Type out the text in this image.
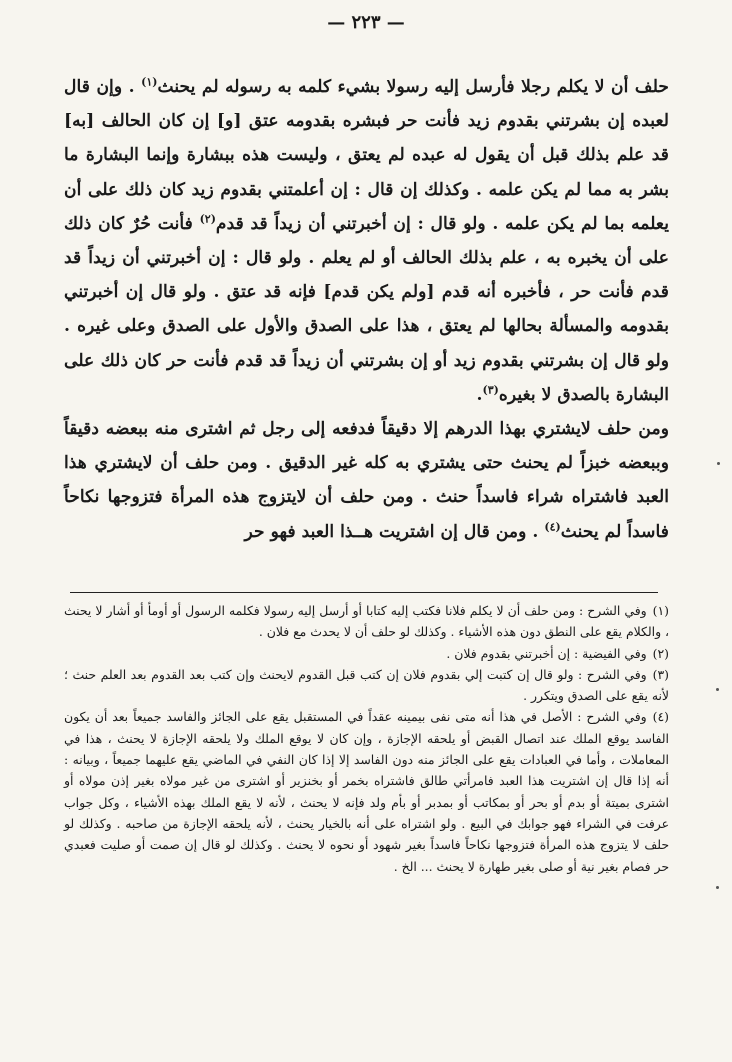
— ٢٢٣ —

حلف أن لا يكلم رجلا فأرسل إليه رسولا بشيء كلمه به رسوله لم يحنث$^{(١)}$ . وإن قال لعبده إن بشرتني بقدوم زيد فأنت حر فبشره بقدومه عتق [و] إن كان الحالف [به] قد علم بذلك قبل أن يقول له عبده لم يعتق ، وليست هذه ببشارة وإنما البشارة ما بشر به مما لم يكن علمه . وكذلك إن قال : إن أعلمتني بقدوم زيد كان ذلك على أن يعلمه بما لم يكن علمه . ولو قال : إن أخبرتني أن زيداً قد قدم$^{(٢)}$ فأنت حُرٌ كان ذلك على أن يخبره به ، علم بذلك الحالف أو لم يعلم . ولو قال : إن أخبرتني أن زيداً قد قدم فأنت حر ، فأخبره أنه قدم [ولم يكن قدم] فإنه قد عتق . ولو قال إن أخبرتني بقدومه والمسألة بحالها لم يعتق ، هذا على الصدق والأول على الصدق وعلى غيره . ولو قال إن بشرتني بقدوم زيد أو إن بشرتني أن زيداً قد قدم فأنت حر كان ذلك على البشارة بالصدق لا بغيره$^{(٣)}$.

ومن حلف لايشتري بهذا الدرهم إلا دقيقاً فدفعه إلى رجل ثم اشترى منه ببعضه دقيقاً وببعضه خبزاً لم يحنث حتى يشتري به كله غير الدقيق . ومن حلف أن لايشتري هذا العبد فاشتراه شراء فاسداً حنث . ومن حلف أن لايتزوج هذه المرأة فتزوجها نكاحاً فاسداً لم يحنث$^{(٤)}$ . ومن قال إن اشتريت هــذا العبد فهو حر

(١)وفي الشرح : ومن حلف أن لا يكلم فلانا فكتب إليه كتابا أو أرسل إليه رسولا فكلمه الرسول أو أومأ أو أشار لا يحنث ، والكلام يقع على النطق دون هذه الأشياء . وكذلك لو حلف أن لا يحدث مع فلان .

(٢)وفي الفيضية : إن أخبرتني بقدوم فلان .

(٣)وفي الشرح : ولو قال إن كتبت إلي بقدوم فلان إن كتب قبل القدوم لايحنث وإن كتب بعد القدوم بعد العلم حنث ؛ لأنه يقع على الصدق ويتكرر .

(٤)وفي الشرح : الأصل في هذا أنه متى نفى بيمينه عقداً في المستقبل يقع على الجائز والفاسد جميعاً بعد أن يكون الفاسد يوقع الملك عند اتصال القبض أو يلحقه الإجازة ، وإن كان لا يوقع الملك ولا يلحقه الإجازة لا يحنث ، هذا في المعاملات ، وأما في العبادات يقع على الجائز منه دون الفاسد إلا إذا كان النفي في الماضي يقع عليهما جميعاً ، وبيانه : أنه إذا قال إن اشتريت هذا العبد فامرأتي طالق فاشتراه بخمر أو بخنزير أو اشترى من غير مولاه بغير إذن مولاه أو اشترى بميتة أو بدم أو بحر أو بمكاتب أو بمدبر أو بأم ولد فإنه لا يحنث ، لأنه لا يقع الملك بهذه الأشياء ، وكل جواب عرفت في الشراء فهو جوابك في البيع . ولو اشتراه على أنه بالخيار يحنث ، لأنه يلحقه الإجازة من صاحبه . وكذلك لو حلف لا يتزوج هذه المرأة فتزوجها نكاحاً فاسداً بغير شهود أو نحوه لا يحنث . وكذلك لو قال إن صمت أو صليت فعبدي حر فصام بغير نية أو صلى بغير طهارة لا يحنث ... الخ .
